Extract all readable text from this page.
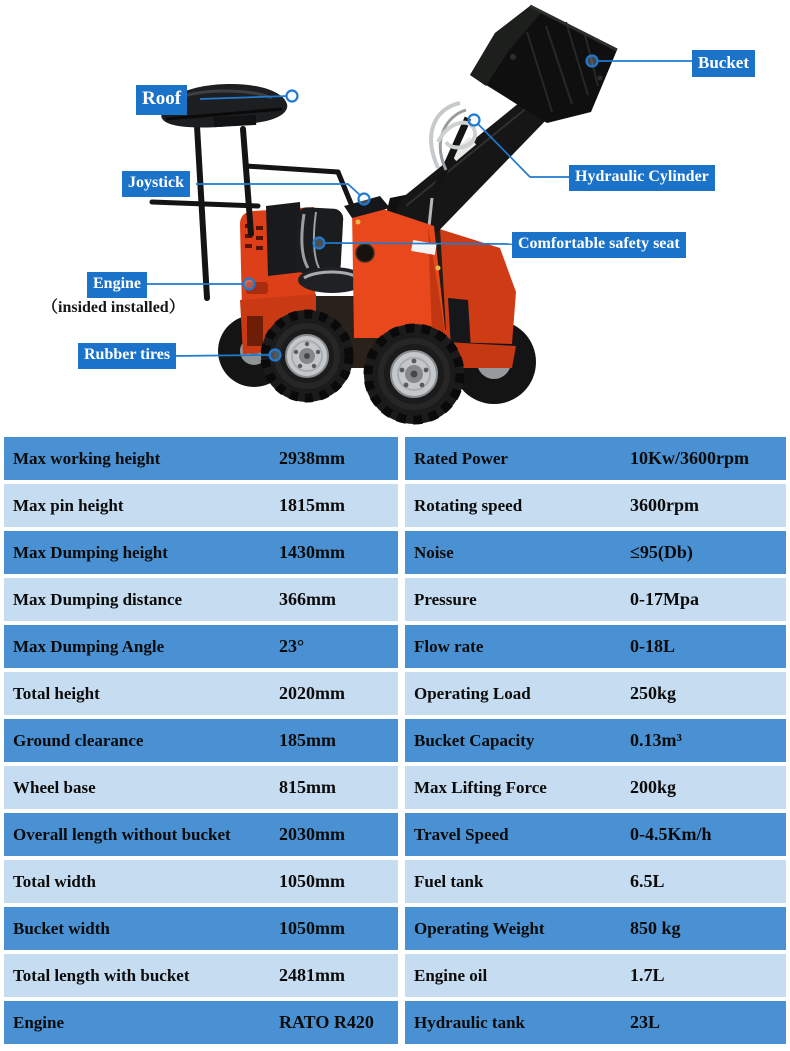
Bucket
Roof
Joystick	Hydraulic Cylinder
Comfortable safety seat
Engine
（insided installed）
Rubber tires
Max working height	2938mm
Max pin height	1815mm
Max Dumping height	1430mm
Max Dumping distance	366mm
Max Dumping Angle	23°
Total height	2020mm
Ground clearance	185mm
Wheel base	815mm
Overall length without bucket	2030mm
Total width	1050mm
Bucket width	1050mm
Total length with bucket	2481mm
Engine	RATO R420
Rated Power	10Kw/3600rpm
Rotating speed	3600rpm
Noise	≤95(Db)
Pressure	0-17Mpa
Flow rate	0-18L
Operating Load	250kg
Bucket Capacity	0.13m³
Max Lifting Force	200kg
Travel Speed	0-4.5Km/h
Fuel tank	6.5L
Operating Weight	850 kg
Engine oil	1.7L
Hydraulic tank	23L
